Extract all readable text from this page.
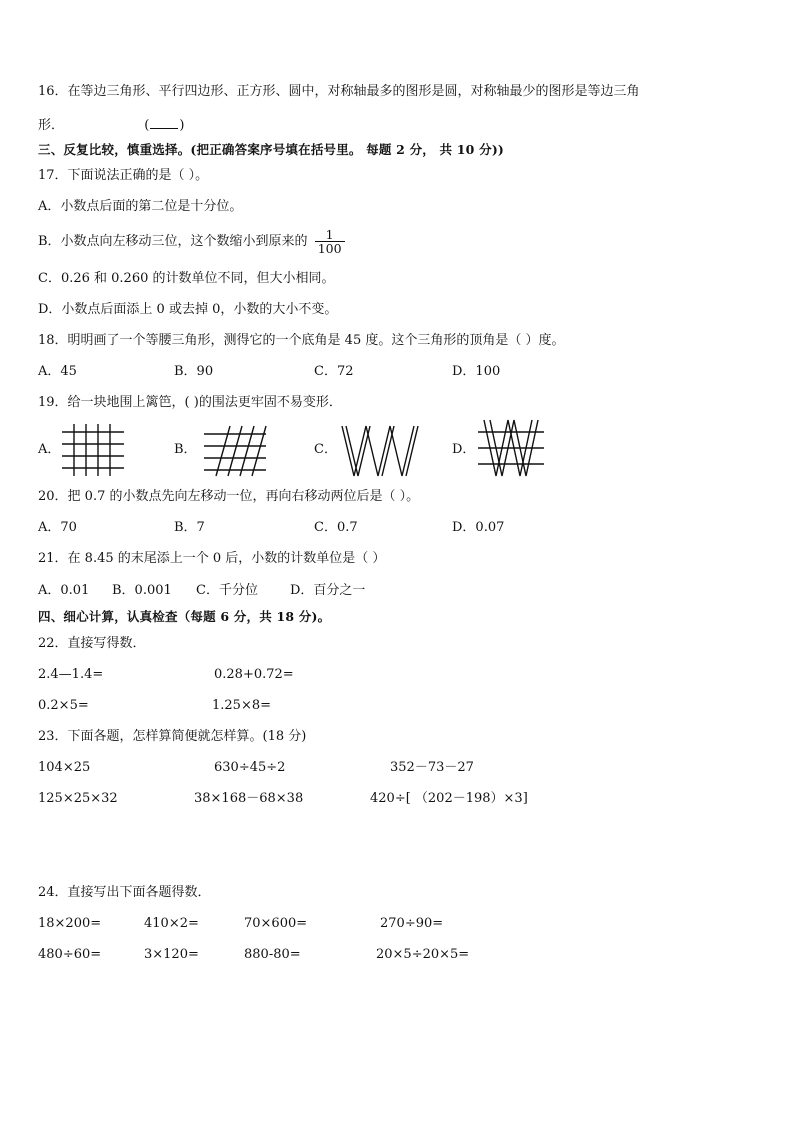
16．在等边三角形、平行四边形、正方形、圆中，对称轴最多的图形是圆，对称轴最少的图形是等边三角
形．	( )
三、反复比较，慎重选择。(把正确答案序号填在括号里。 每题 2 分， 共 10 分))
17．下面说法正确的是（ ）。
A．小数点后面的第二位是十分位。
B．小数点向左移动三位，这个数缩小到原来的 $\frac{1}{100}$
C．0.26 和 0.260 的计数单位不同，但大小相同。
D．小数点后面添上 0 或去掉 0，小数的大小不变。
18．明明画了一个等腰三角形，测得它的一个底角是 45 度。这个三角形的顶角是（ ）度。
A．45	B．90	C．72	D．100
19．给一块地围上篱笆，( )的围法更牢固不易变形．
A．	B．	C．	D．
20．把 0.7 的小数点先向左移动一位，再向右移动两位后是（ ）。
A．70	B．7	C．0.7	D．0.07
21．在 8.45 的末尾添上一个 0 后，小数的计数单位是（ ）
A．0.01 B．0.001 C．千分位 D．百分之一
四、细心计算，认真检查（每题 6 分，共 18 分)。
22．直接写得数．
2.4—1.4=	0.28+0.72=
0.2×5=	1.25×8=
23．下面各题，怎样算简便就怎样算。(18 分)
104×25	630÷45÷2	352－73－27
125×25×32	38×168－68×38	420÷[ （202－198）×3]
24．直接写出下面各题得数．
18×200=	410×2=	70×600=	270÷90=
480÷60=	3×120=	880-80=	20×5÷20×5=
